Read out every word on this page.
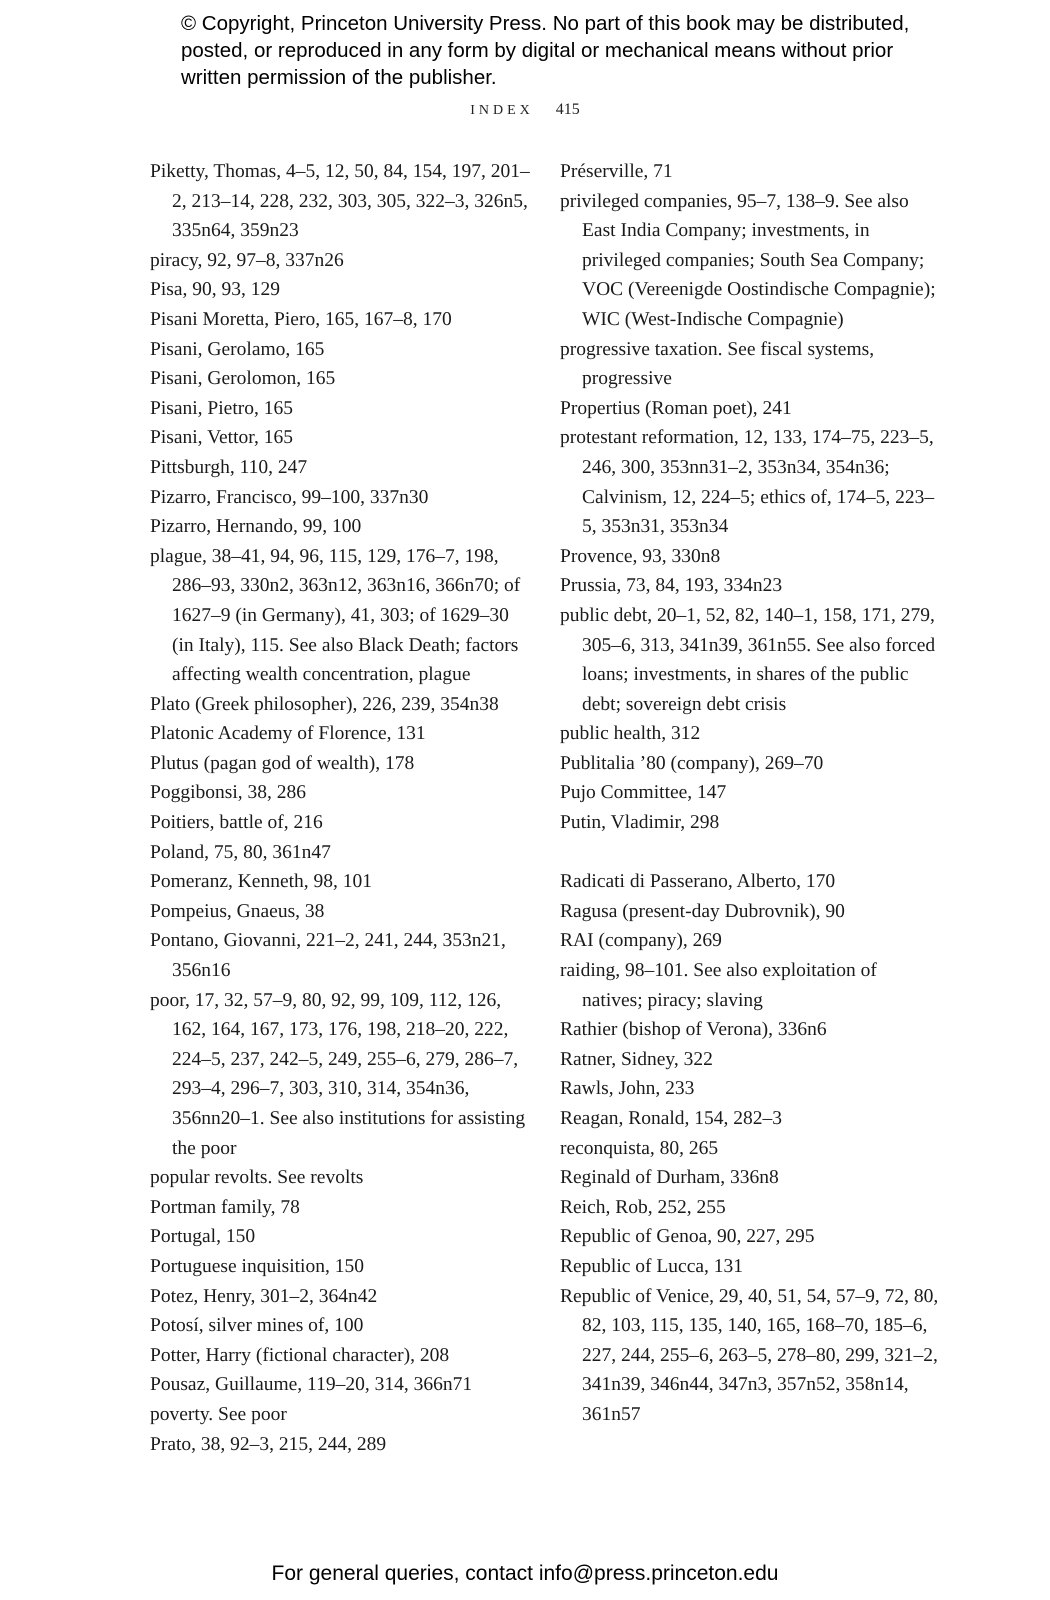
© Copyright, Princeton University Press. No part of this book may be distributed, posted, or reproduced in any form by digital or mechanical means without prior written permission of the publisher.
INDEX 415
Piketty, Thomas, 4–5, 12, 50, 84, 154, 197, 201–2, 213–14, 228, 232, 303, 305, 322–3, 326n5, 335n64, 359n23
piracy, 92, 97–8, 337n26
Pisa, 90, 93, 129
Pisani Moretta, Piero, 165, 167–8, 170
Pisani, Gerolamo, 165
Pisani, Gerolomon, 165
Pisani, Pietro, 165
Pisani, Vettor, 165
Pittsburgh, 110, 247
Pizarro, Francisco, 99–100, 337n30
Pizarro, Hernando, 99, 100
plague, 38–41, 94, 96, 115, 129, 176–7, 198, 286–93, 330n2, 363n12, 363n16, 366n70; of 1627–9 (in Germany), 41, 303; of 1629–30 (in Italy), 115. See also Black Death; factors affecting wealth concentration, plague
Plato (Greek philosopher), 226, 239, 354n38
Platonic Academy of Florence, 131
Plutus (pagan god of wealth), 178
Poggibonsi, 38, 286
Poitiers, battle of, 216
Poland, 75, 80, 361n47
Pomeranz, Kenneth, 98, 101
Pompeius, Gnaeus, 38
Pontano, Giovanni, 221–2, 241, 244, 353n21, 356n16
poor, 17, 32, 57–9, 80, 92, 99, 109, 112, 126, 162, 164, 167, 173, 176, 198, 218–20, 222, 224–5, 237, 242–5, 249, 255–6, 279, 286–7, 293–4, 296–7, 303, 310, 314, 354n36, 356nn20–1. See also institutions for assisting the poor
popular revolts. See revolts
Portman family, 78
Portugal, 150
Portuguese inquisition, 150
Potez, Henry, 301–2, 364n42
Potosí, silver mines of, 100
Potter, Harry (fictional character), 208
Pousaz, Guillaume, 119–20, 314, 366n71
poverty. See poor
Prato, 38, 92–3, 215, 244, 289
Préserville, 71
privileged companies, 95–7, 138–9. See also East India Company; investments, in privileged companies; South Sea Company; VOC (Vereenigde Oostindische Compagnie); WIC (West-Indische Compagnie)
progressive taxation. See fiscal systems, progressive
Propertius (Roman poet), 241
protestant reformation, 12, 133, 174–75, 223–5, 246, 300, 353nn31–2, 353n34, 354n36; Calvinism, 12, 224–5; ethics of, 174–5, 223–5, 353n31, 353n34
Provence, 93, 330n8
Prussia, 73, 84, 193, 334n23
public debt, 20–1, 52, 82, 140–1, 158, 171, 279, 305–6, 313, 341n39, 361n55. See also forced loans; investments, in shares of the public debt; sovereign debt crisis
public health, 312
Publitalia ’80 (company), 269–70
Pujo Committee, 147
Putin, Vladimir, 298
Radicati di Passerano, Alberto, 170
Ragusa (present-day Dubrovnik), 90
RAI (company), 269
raiding, 98–101. See also exploitation of natives; piracy; slaving
Rathier (bishop of Verona), 336n6
Ratner, Sidney, 322
Rawls, John, 233
Reagan, Ronald, 154, 282–3
reconquista, 80, 265
Reginald of Durham, 336n8
Reich, Rob, 252, 255
Republic of Genoa, 90, 227, 295
Republic of Lucca, 131
Republic of Venice, 29, 40, 51, 54, 57–9, 72, 80, 82, 103, 115, 135, 140, 165, 168–70, 185–6, 227, 244, 255–6, 263–5, 278–80, 299, 321–2, 341n39, 346n44, 347n3, 357n52, 358n14, 361n57
For general queries, contact info@press.princeton.edu
